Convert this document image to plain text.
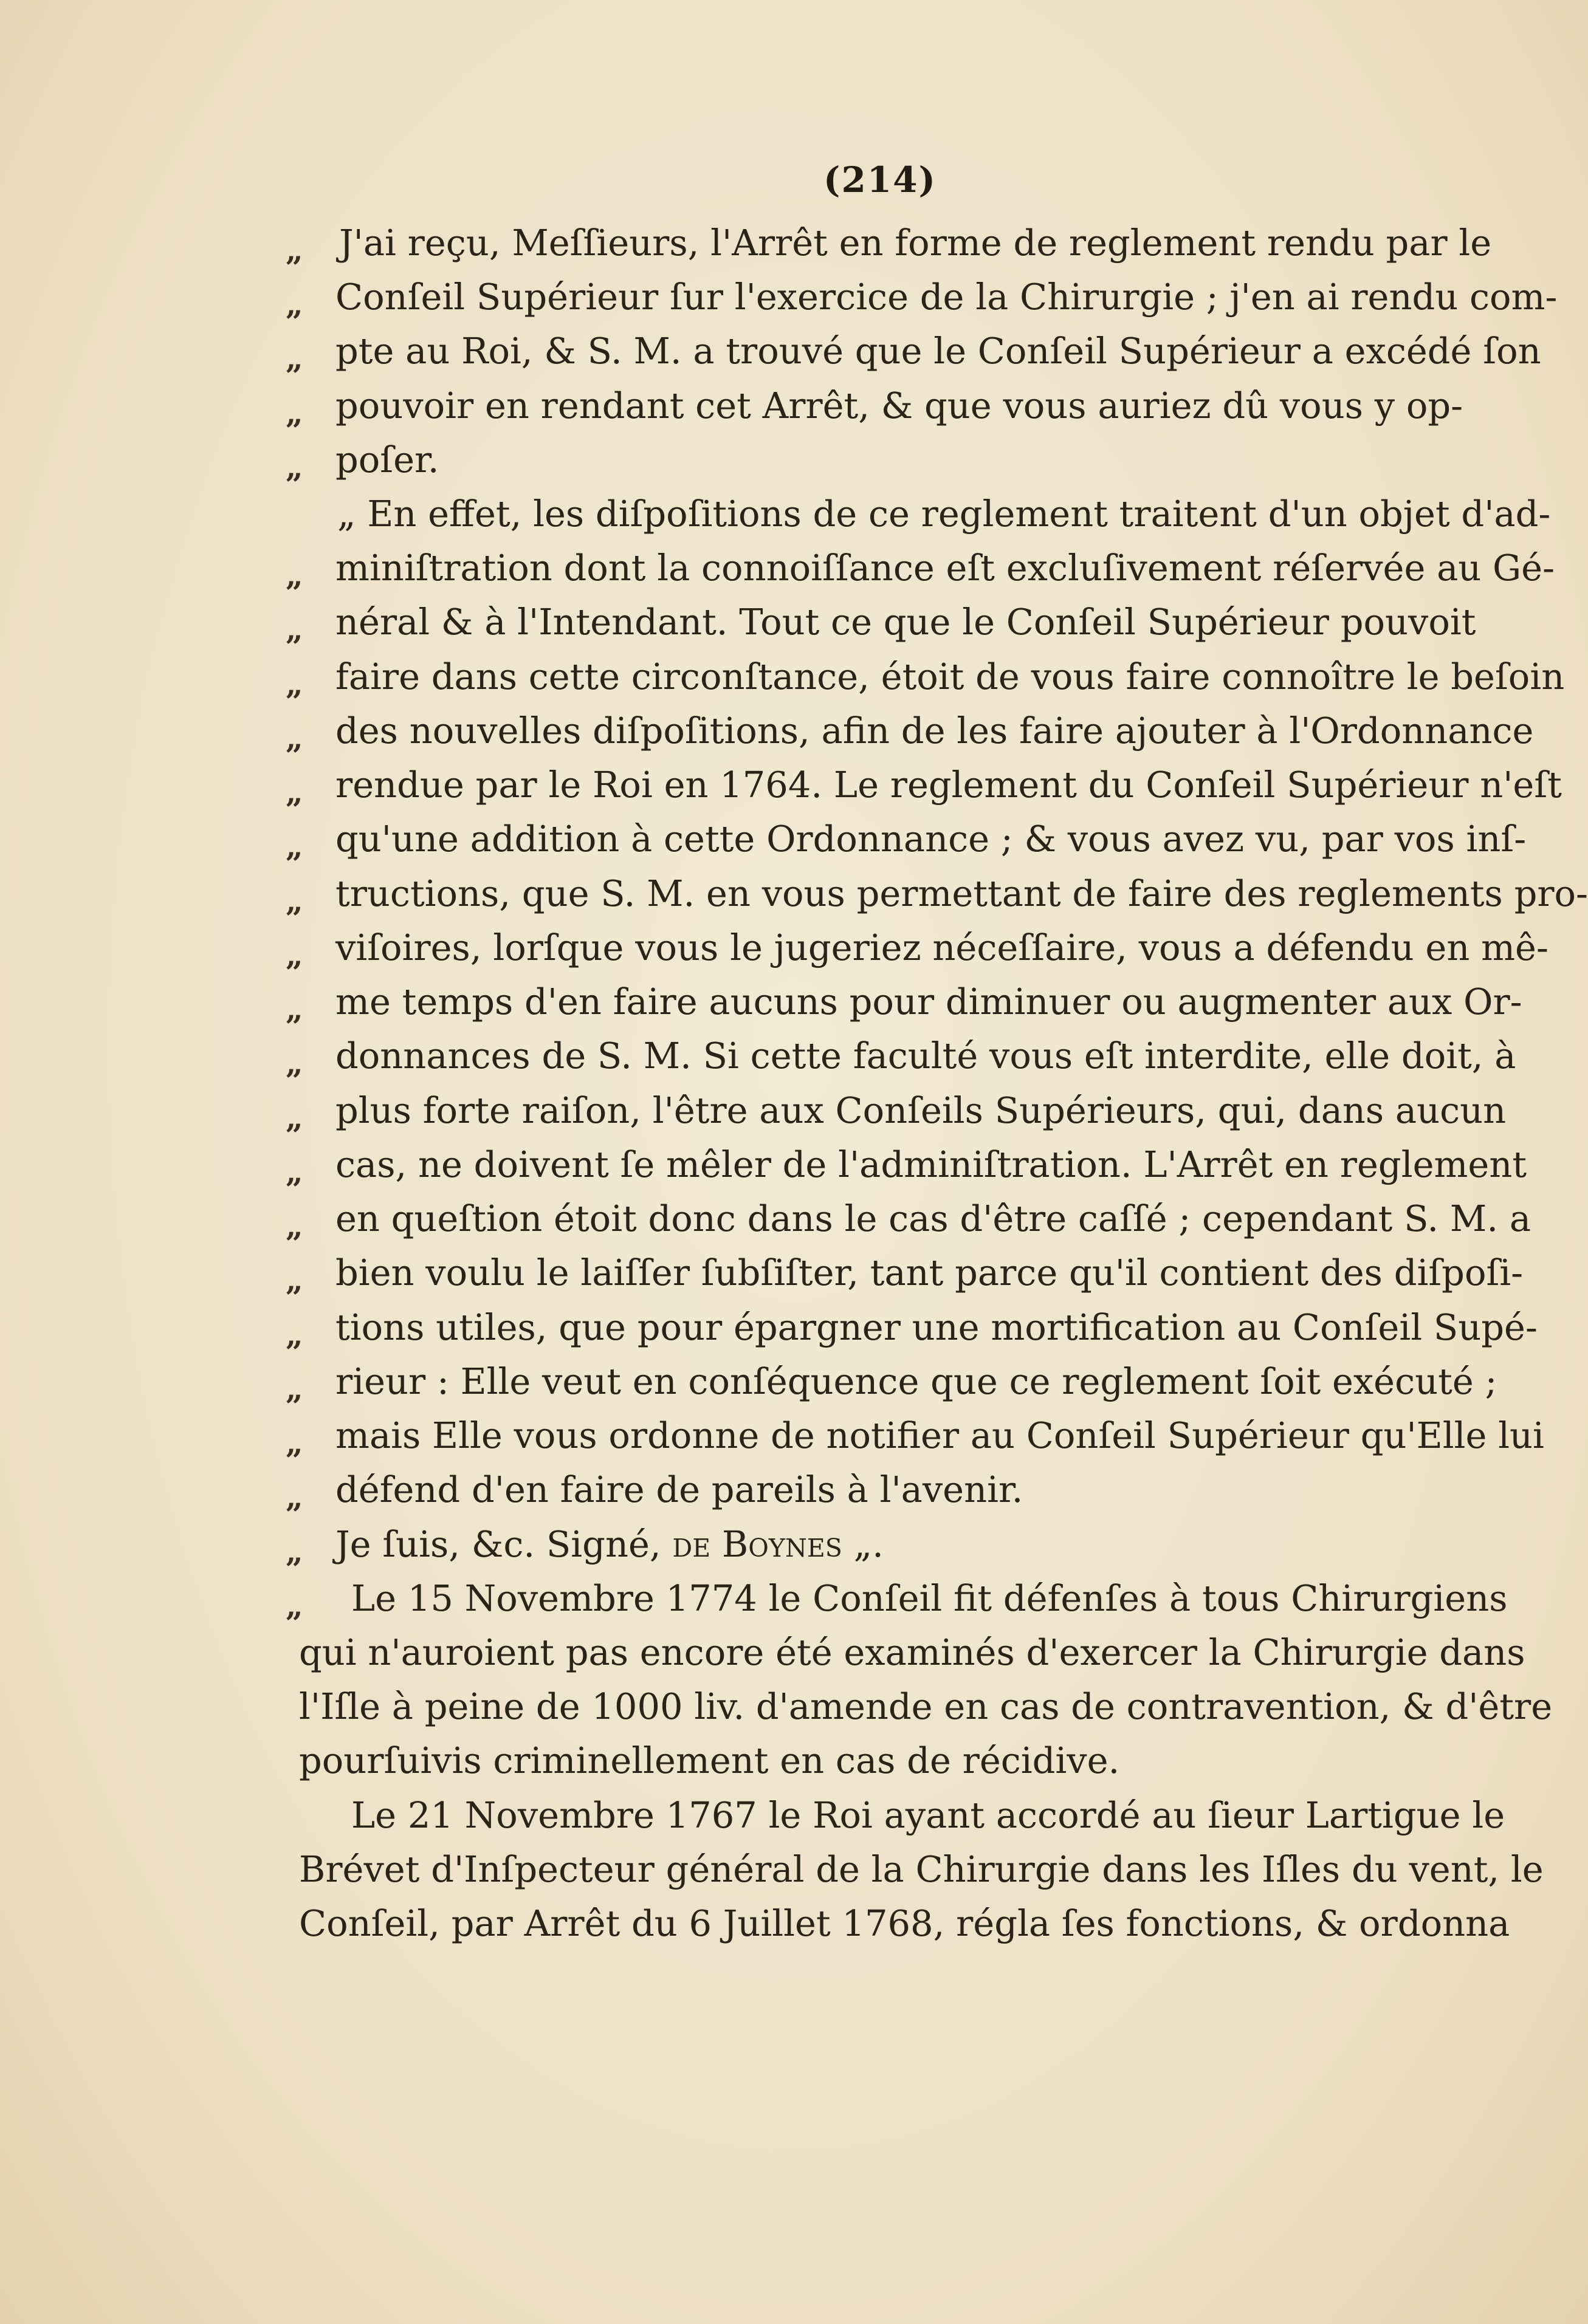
(214)
„
„
„
„
„
„
„
„
„
„
„
„
„
„
„
„
„
„
„
„
„
„
„
„
„
J'ai reçu, Meſſieurs, l'Arrêt en forme de reglement rendu par le
Conſeil Supérieur ſur l'exercice de la Chirurgie ; j'en ai rendu com-
pte au Roi, & S. M. a trouvé que le Conſeil Supérieur a excédé ſon
pouvoir en rendant cet Arrêt, & que vous auriez dû vous y op-
poſer.
„ En effet, les diſpoſitions de ce reglement traitent d'un objet d'ad-
miniſtration dont la connoiſſance eſt excluſivement réſervée au Gé-
néral & à l'Intendant. Tout ce que le Conſeil Supérieur pouvoit
faire dans cette circonſtance, étoit de vous faire connoître le beſoin
des nouvelles diſpoſitions, afin de les faire ajouter à l'Ordonnance
rendue par le Roi en 1764. Le reglement du Conſeil Supérieur n'eſt
qu'une addition à cette Ordonnance ; & vous avez vu, par vos inſ-
tructions, que S. M. en vous permettant de faire des reglements pro-
viſoires, lorſque vous le jugeriez néceſſaire, vous a défendu en mê-
me temps d'en faire aucuns pour diminuer ou augmenter aux Or-
donnances de S. M. Si cette faculté vous eſt interdite, elle doit, à
plus forte raiſon, l'être aux Conſeils Supérieurs, qui, dans aucun
cas, ne doivent ſe mêler de l'adminiſtration. L'Arrêt en reglement
en queſtion étoit donc dans le cas d'être caſſé ; cependant S. M. a
bien voulu le laiſſer ſubſiſter, tant parce qu'il contient des diſpoſi-
tions utiles, que pour épargner une mortification au Conſeil Supé-
rieur : Elle veut en conſéquence que ce reglement ſoit exécuté ;
mais Elle vous ordonne de notifier au Conſeil Supérieur qu'Elle lui
défend d'en faire de pareils à l'avenir.
Je ſuis, &c. Signé, de Boynes „.
Le 15 Novembre 1774 le Conſeil fit défenſes à tous Chirurgiens
qui n'auroient pas encore été examinés d'exercer la Chirurgie dans
l'Iſle à peine de 1000 liv. d'amende en cas de contravention, & d'être
pourſuivis criminellement en cas de récidive.
Le 21 Novembre 1767 le Roi ayant accordé au ſieur Lartigue le
Brévet d'Inſpecteur général de la Chirurgie dans les Iſles du vent, le
Conſeil, par Arrêt du 6 Juillet 1768, régla ſes fonctions, & ordonna
